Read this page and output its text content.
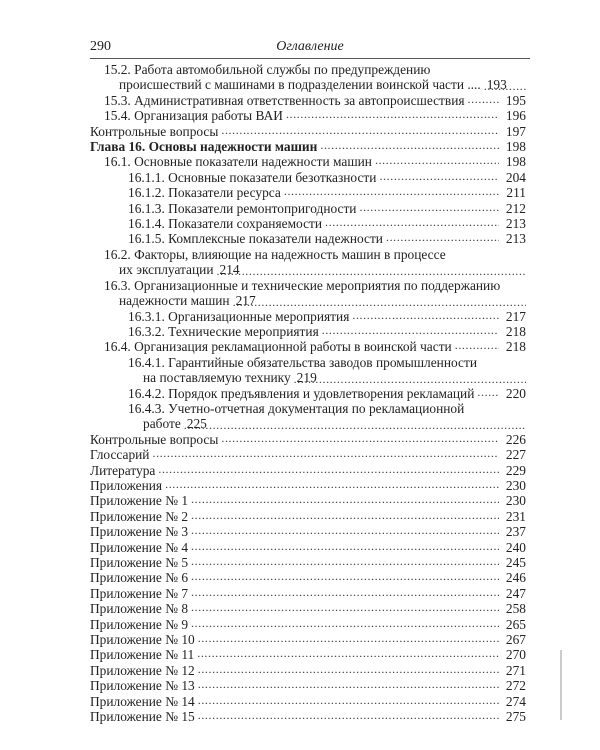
290	Оглавление
15.2. Работа автомобильной службы по предупреждению
происшествий с машинами в подразделении воинской части .... 193
15.3. Административная ответственность за автопроисшествия . . .	195
15.4. Организация работы ВАИ . . .	196
Контрольные вопросы . . .	197
Глава 16. Основы надежности машин . . .	198
16.1. Основные показатели надежности машин . . .	198
16.1.1. Основные показатели безотказности . . .	204
16.1.2. Показатели ресурса . . .	211
16.1.3. Показатели ремонтопригодности . . .	212
16.1.4. Показатели сохраняемости . . .	213
16.1.5. Комплексные показатели надежности . . .	213
16.2. Факторы, влияющие на надежность машин в процессе
их эксплуатации 214
16.3. Организационные и технические мероприятия по поддержанию
надежности машин 217
16.3.1. Организационные мероприятия . . .	217
16.3.2. Технические мероприятия . . .	218
16.4. Организация рекламационной работы в воинской части . . .	218
16.4.1. Гарантийные обязательства заводов промышленности
на поставляемую технику 219
16.4.2. Порядок предъявления и удовлетворения рекламаций . . . 220
16.4.3. Учетно-отчетная документация по рекламационной
работе 225
Контрольные вопросы . . .	226
Глоссарий . . .	227
Литература . . .	229
Приложения . . .	230
Приложение № 1 . . .	230
Приложение № 2 . . .	231
Приложение № 3 . . .	237
Приложение № 4 . . .	240
Приложение № 5 . . .	245
Приложение № 6 . . .	246
Приложение № 7 . . .	247
Приложение № 8 . . .	258
Приложение № 9 . . .	265
Приложение № 10 . . .	267
Приложение № 11 . . .	270
Приложение № 12 . . .	271
Приложение № 13 . . .	272
Приложение № 14 . . .	274
Приложение № 15 . . .	275
